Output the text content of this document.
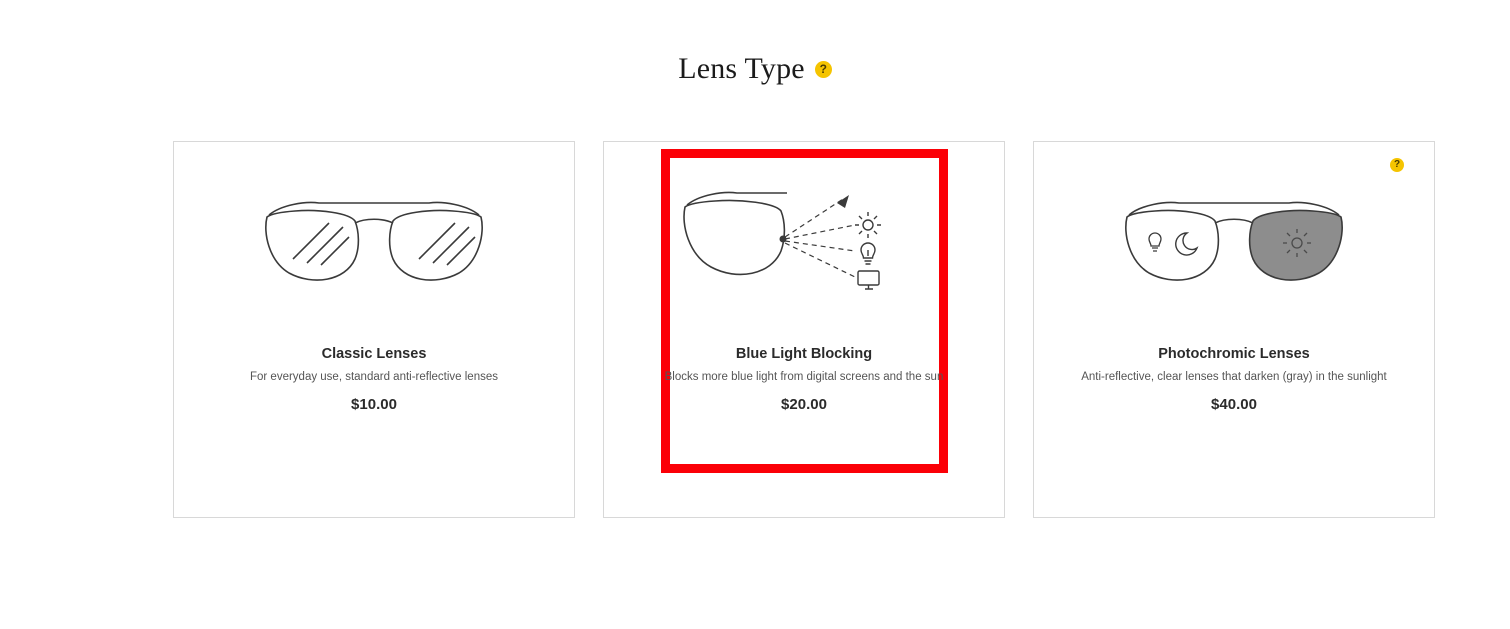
Lens Type	?
Classic Lenses
For everyday use, standard anti-reflective lenses
$10.00
Blue Light Blocking
Blocks more blue light from digital screens and the sun
$20.00
?
Photochromic Lenses
Anti-reflective, clear lenses that darken (gray) in the sunlight
$40.00
